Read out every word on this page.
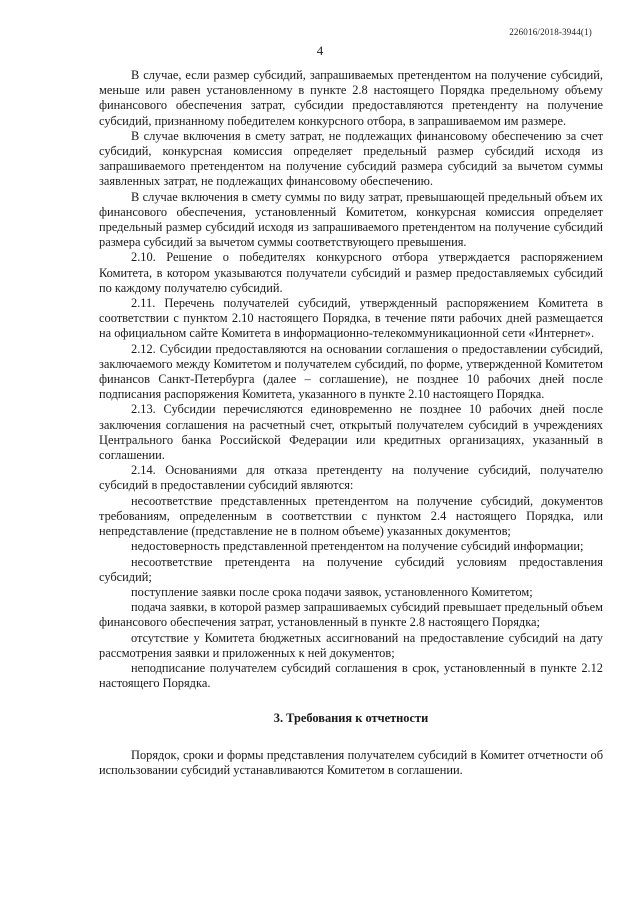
226016/2018-3944(1)
4

В случае, если размер субсидий, запрашиваемых претендентом на получение субсидий, меньше или равен установленному в пункте 2.8 настоящего Порядка предельному объему финансового обеспечения затрат, субсидии предоставляются претенденту на получение субсидий, признанному победителем конкурсного отбора, в запрашиваемом им размере.

В случае включения в смету затрат, не подлежащих финансовому обеспечению за счет субсидий, конкурсная комиссия определяет предельный размер субсидий исходя из запрашиваемого претендентом на получение субсидий размера субсидий за вычетом суммы заявленных затрат, не подлежащих финансовому обеспечению.

В случае включения в смету суммы по виду затрат, превышающей предельный объем их финансового обеспечения, установленный Комитетом, конкурсная комиссия определяет предельный размер субсидий исходя из запрашиваемого претендентом на получение субсидий размера субсидий за вычетом суммы соответствующего превышения.

2.10. Решение о победителях конкурсного отбора утверждается распоряжением Комитета, в котором указываются получатели субсидий и размер предоставляемых субсидий по каждому получателю субсидий.

2.11. Перечень получателей субсидий, утвержденный распоряжением Комитета в соответствии с пунктом 2.10 настоящего Порядка, в течение пяти рабочих дней размещается на официальном сайте Комитета в информационно-телекоммуникационной сети «Интернет».

2.12. Субсидии предоставляются на основании соглашения о предоставлении субсидий, заключаемого между Комитетом и получателем субсидий, по форме, утвержденной Комитетом финансов Санкт-Петербурга (далее – соглашение), не позднее 10 рабочих дней после подписания распоряжения Комитета, указанного в пункте 2.10 настоящего Порядка.

2.13. Субсидии перечисляются единовременно не позднее 10 рабочих дней после заключения соглашения на расчетный счет, открытый получателем субсидий в учреждениях Центрального банка Российской Федерации или кредитных организациях, указанный в соглашении.

2.14. Основаниями для отказа претенденту на получение субсидий, получателю субсидий в предоставлении субсидий являются:

несоответствие представленных претендентом на получение субсидий, документов требованиям, определенным в соответствии с пунктом 2.4 настоящего Порядка, или непредставление (представление не в полном объеме) указанных документов;

недостоверность представленной претендентом на получение субсидий информации;

несоответствие претендента на получение субсидий условиям предоставления субсидий;

поступление заявки после срока подачи заявок, установленного Комитетом;

подача заявки, в которой размер запрашиваемых субсидий превышает предельный объем финансового обеспечения затрат, установленный в пункте 2.8 настоящего Порядка;

отсутствие у Комитета бюджетных ассигнований на предоставление субсидий на дату рассмотрения заявки и приложенных к ней документов;

неподписание получателем субсидий соглашения в срок, установленный в пункте 2.12 настоящего Порядка.

3. Требования к отчетности

Порядок, сроки и формы представления получателем субсидий в Комитет отчетности об использовании субсидий устанавливаются Комитетом в соглашении.
